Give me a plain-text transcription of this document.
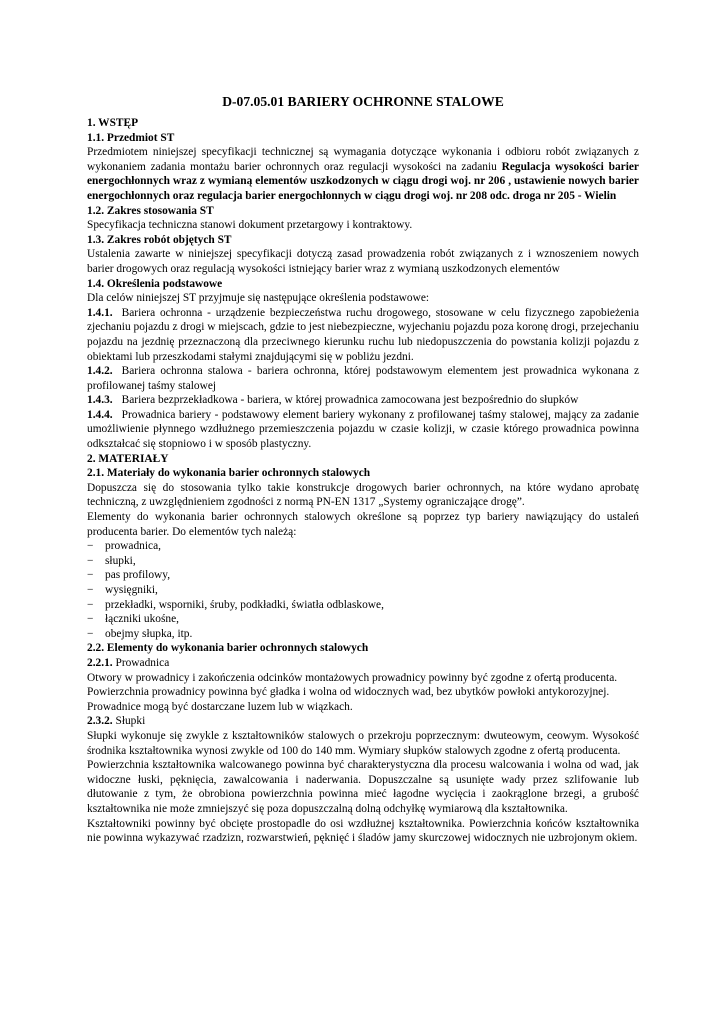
D-07.05.01 BARIERY OCHRONNE STALOWE
1. WSTĘP
1.1. Przedmiot ST

Przedmiotem niniejszej specyfikacji technicznej są wymagania dotyczące wykonania i odbioru robót związanych z wykonaniem zadania montażu barier ochronnych oraz regulacji wysokości na zadaniu Regulacja wysokości barier energochłonnych wraz z wymianą elementów uszkodzonych w ciągu drogi woj. nr 206 , ustawienie nowych barier energochłonnych oraz regulacja barier energochłonnych w ciągu drogi woj. nr 208 odc. droga nr 205 - Wielin

1.2. Zakres stosowania ST

Specyfikacja techniczna stanowi dokument przetargowy i kontraktowy.

1.3. Zakres robót objętych ST

Ustalenia zawarte w niniejszej specyfikacji dotyczą zasad prowadzenia robót związanych z i wznoszeniem nowych barier drogowych oraz regulacją wysokości istniejący barier wraz z wymianą uszkodzonych elementów

1.4. Określenia podstawowe

Dla celów niniejszej ST przyjmuje się następujące określenia podstawowe:

1.4.1. Bariera ochronna - urządzenie bezpieczeństwa ruchu drogowego, stosowane w celu fizycznego zapobieżenia zjechaniu pojazdu z drogi w miejscach, gdzie to jest niebezpieczne, wyjechaniu pojazdu poza koronę drogi, przejechaniu pojazdu na jezdnię przeznaczoną dla przeciwnego kierunku ruchu lub niedopuszczenia do powstania kolizji pojazdu z obiektami lub przeszkodami stałymi znajdującymi się w pobliżu jezdni.

1.4.2. Bariera ochronna stalowa - bariera ochronna, której podstawowym elementem jest prowadnica wykonana z profilowanej taśmy stalowej

1.4.3. Bariera bezprzekładkowa - bariera, w której prowadnica zamocowana jest bezpośrednio do słupków

1.4.4. Prowadnica bariery - podstawowy element bariery wykonany z profilowanej taśmy stalowej, mający za zadanie umożliwienie płynnego wzdłużnego przemieszczenia pojazdu w czasie kolizji, w czasie którego prowadnica powinna odkształcać się stopniowo i w sposób plastyczny.

2. MATERIAŁY
2.1. Materiały do wykonania barier ochronnych stalowych

Dopuszcza się do stosowania tylko takie konstrukcje drogowych barier ochronnych, na które wydano aprobatę techniczną, z uwzględnieniem zgodności z normą PN-EN 1317 „Systemy ograniczające drogę”.

Elementy do wykonania barier ochronnych stalowych określone są poprzez typ bariery nawiązujący do ustaleń producenta barier. Do elementów tych należą:

− prowadnica,
− słupki,
− pas profilowy,
− wysięgniki,
− przekładki, wsporniki, śruby, podkładki, światła odblaskowe,
− łączniki ukośne,
− obejmy słupka, itp.
2.2. Elementy do wykonania barier ochronnych stalowych
2.2.1. Prowadnica

Otwory w prowadnicy i zakończenia odcinków montażowych prowadnicy powinny być zgodne z ofertą producenta.

Powierzchnia prowadnicy powinna być gładka i wolna od widocznych wad, bez ubytków powłoki antykorozyjnej.

Prowadnice mogą być dostarczane luzem lub w wiązkach.

2.3.2. Słupki

Słupki wykonuje się zwykle z kształtowników stalowych o przekroju poprzecznym: dwuteowym, ceowym. Wysokość środnika kształtownika wynosi zwykle od 100 do 140 mm. Wymiary słupków stalowych zgodne z ofertą producenta.

Powierzchnia kształtownika walcowanego powinna być charakterystyczna dla procesu walcowania i wolna od wad, jak widoczne łuski, pęknięcia, zawalcowania i naderwania. Dopuszczalne są usunięte wady przez szlifowanie lub dłutowanie z tym, że obrobiona powierzchnia powinna mieć łagodne wycięcia i zaokrąglone brzegi, a grubość kształtownika nie może zmniejszyć się poza dopuszczalną dolną odchyłkę wymiarową dla kształtownika.

Kształtowniki powinny być obcięte prostopadle do osi wzdłużnej kształtownika. Powierzchnia końców kształtownika nie powinna wykazywać rzadzizn, rozwarstwień, pęknięć i śladów jamy skurczowej widocznych nie uzbrojonym okiem.
